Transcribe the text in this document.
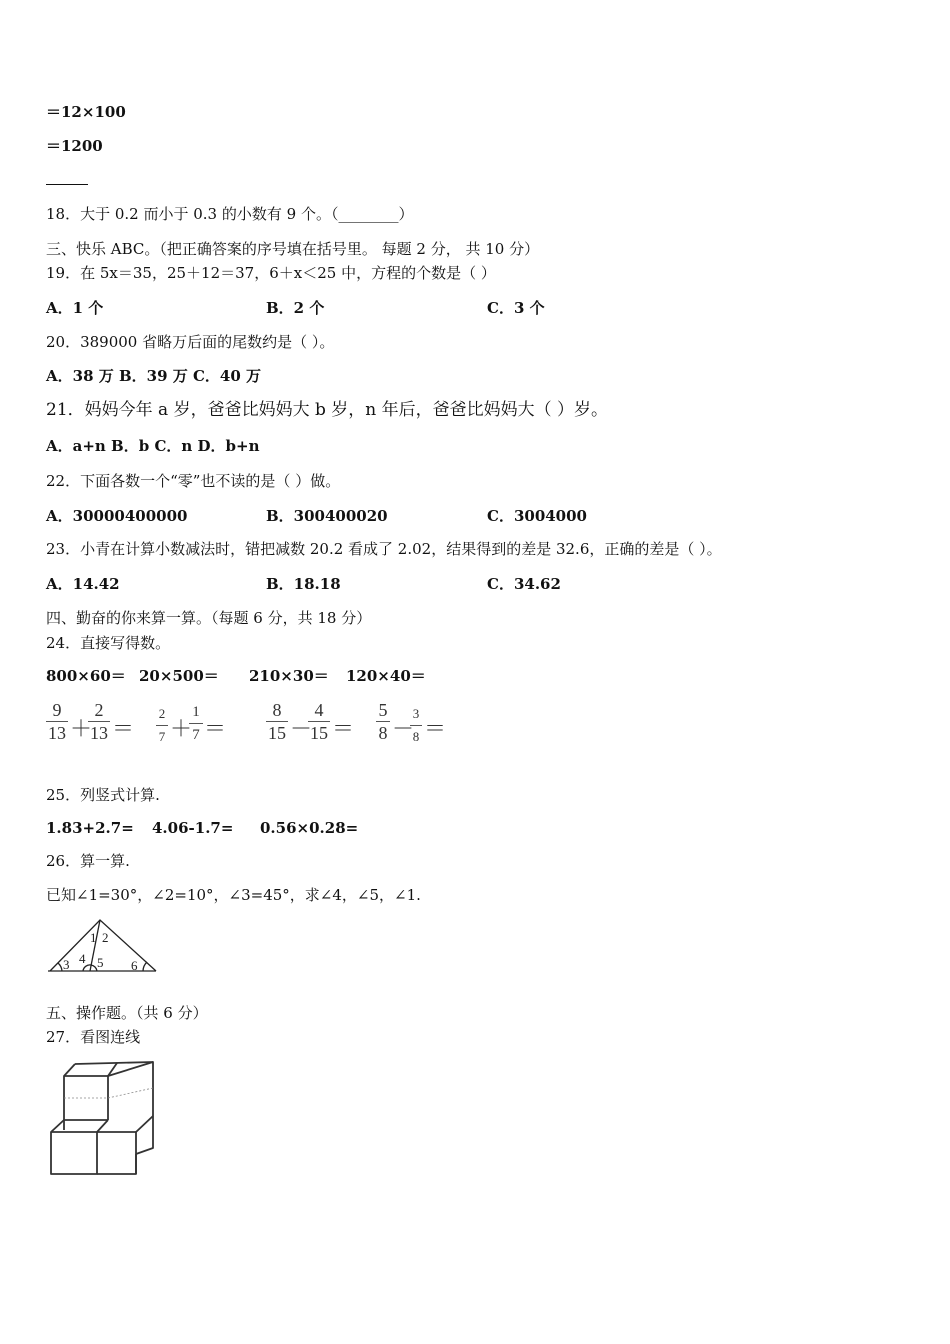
＝12×100
＝1200
18．大于 0.2 而小于 0.3 的小数有 9 个。（________）
三、快乐 ABC。（把正确答案的序号填在括号里。 每题 2 分， 共 10 分）
19．在 5x＝35，25＋12＝37，6＋x＜25 中，方程的个数是（ ）
A．1 个	B．2 个	C．3 个
20．389000 省略万后面的尾数约是（ ）。
A．38 万 B．39 万 C．40 万
21．妈妈今年 a 岁，爸爸比妈妈大 b 岁，n 年后，爸爸比妈妈大（ ）岁。
A．a+n B．b C．n D．b+n
22．下面各数一个“零”也不读的是（ ）做。
A．30000400000	B．300400020	C．3004000
23．小青在计算小数减法时，错把减数 20.2 看成了 2.02，结果得到的差是 32.6，正确的差是（ ）。
A．14.42	B．18.18	C．34.62
四、勤奋的你来算一算。（每题 6 分，共 18 分）
24．直接写得数。
800×60＝ 20×500＝ 210×30＝ 120×40＝
9
13 ＋
2
13 ＝
2
7 ＋
1
7 ＝
8
15 －
4
15 ＝
5
8 －
3
8 ＝
25．列竖式计算.
1.83+2.7= 4.06-1.7= 0.56×0.28=
26．算一算.
已知∠1=30°，∠2=10°，∠3=45°，求∠4，∠5，∠1.
1 2
3 4 5 6
五、操作题。（共 6 分）
27．看图连线
